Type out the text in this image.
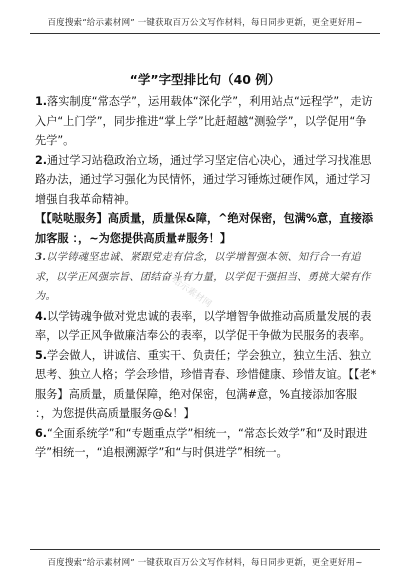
百度搜索“给示素材网” 一键获取百万公文写作材料，每日同步更新，更全更好用~
“学”字型排比句（40 例）

1.落实制度“常态学”，运用载体“深化学”，利用站点“远程学”，走访入户“上门学”，同步推进“掌上学”比赶超越“测验学”，以学促用“争先学”。

2.通过学习站稳政治立场，通过学习坚定信心决心，通过学习找准思路办法，通过学习强化为民情怀，通过学习锤炼过硬作风，通过学习增强自我革命精神。

【【哒哒服务】高质量，质量保&障，^绝对保密，包满%意，直接添加客服 ：，~为您提供高质量#服务！】

3.以学铸魂坚忠诚、紧跟党走有信念，以学增智强本领、知行合一有追求，以学正风强宗旨、团结奋斗有力量，以学促干强担当、勇挑大梁有作为。

4.以学铸魂争做对党忠诚的表率，以学增智争做推动高质量发展的表率，以学正风争做廉洁奉公的表率，以学促干争做为民服务的表率。

5.学会做人，讲诚信、重实干、负责任；学会独立，独立生活、独立思考、独立人格；学会珍惜，珍惜青春、珍惜健康、珍惜友谊。【【老*服务】高质量，质量保障，绝对保密，包满#意，%直接添加客服 ：，为您提供高质量服务@&！】

6.“全面系统学”和“专题重点学”相统一，“常态长效学”和“及时跟进学”相统一，“追根溯源学”和“与时俱进学”相统一。

给示素材网
百度搜索“给示素材网” 一键获取百万公文写作材料，每日同步更新，更全更好用~
